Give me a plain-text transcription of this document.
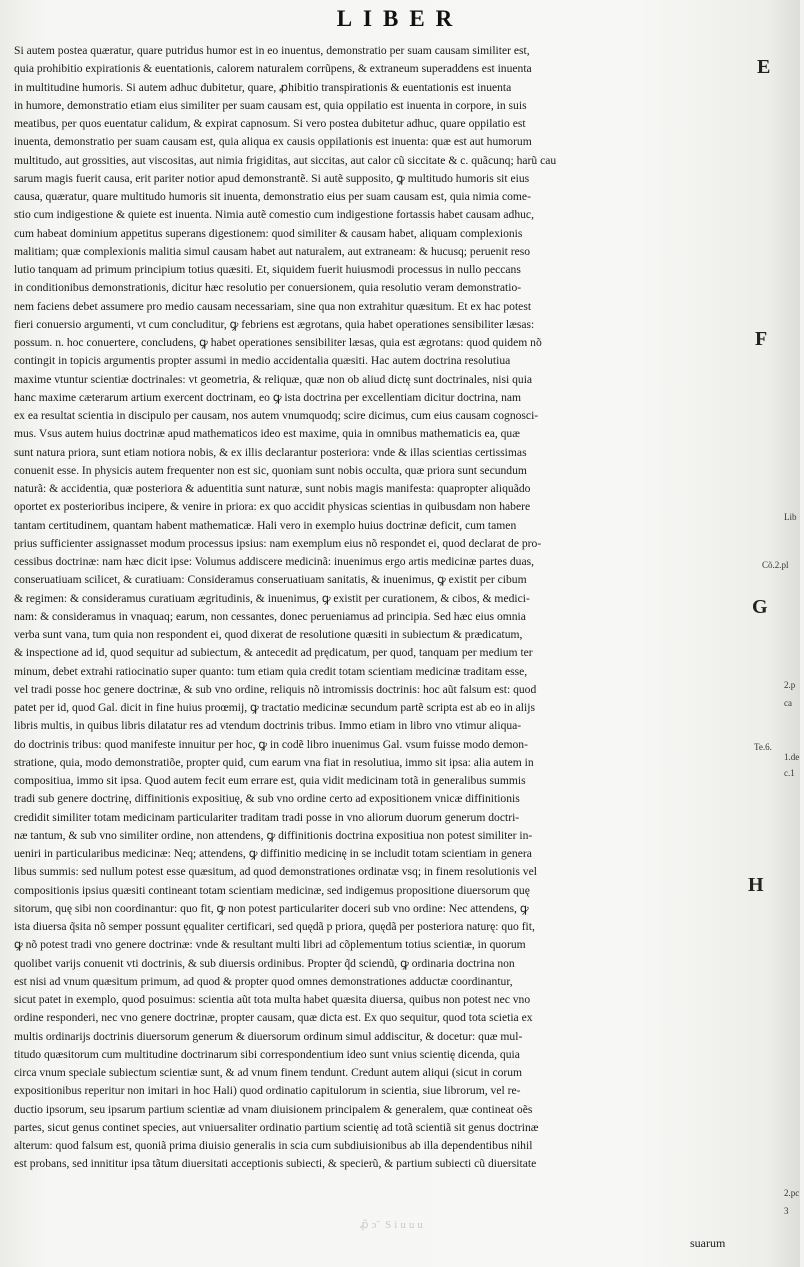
LIBER
ꝓ̃ɔ̃ Siuuu
Si autem postea quæratur, quare putridus humor est in eo inuentus, demonstratio per suam causam similiter est,
quia prohibitio expirationis & euentationis, calorem naturalem corrũpens, & extraneum superaddens est inuenta
in multitudine humoris. Si autem adhuc dubitetur, quare, ꝓhibitio transpirationis & euentationis est inuenta
in humore, demonstratio etiam eius similiter per suam causam est, quia oppilatio est inuenta in corpore, in suis
meatibus, per quos euentatur calidum, & expirat capnosum. Si vero postea dubitetur adhuc, quare oppilatio est
inuenta, demonstratio per suam causam est, quia aliqua ex causis oppilationis est inuenta: quæ est aut humorum
multitudo, aut grossities, aut viscositas, aut nimia frigiditas, aut siccitas, aut calor cũ siccitate & c. quãcunq; harũ cau
sarum magis fuerit causa, erit pariter notior apud demonstrantẽ. Si autẽ supposito, ꝙ multitudo humoris sit eius
causa, quæratur, quare multitudo humoris sit inuenta, demonstratio eius per suam causam est, quia nimia come-
stio cum indigestione & quiete est inuenta. Nimia autẽ comestio cum indigestione fortassis habet causam adhuc,
cum habeat dominium appetitus superans digestionem: quod similiter & causam habet, aliquam complexionis
malitiam; quæ complexionis malitia simul causam habet aut naturalem, aut extraneam: & hucusq; peruenit reso
lutio tanquam ad primum principium totius quæsiti. Et, siquidem fuerit huiusmodi processus in nullo peccans
in conditionibus demonstrationis, dicitur hæc resolutio per conuersionem, quia resolutio veram demonstratio-
nem faciens debet assumere pro medio causam necessariam, sine qua non extrahitur quæsitum. Et ex hac potest
fieri conuersio argumenti, vt cum concluditur, ꝙ febriens est ægrotans, quia habet operationes sensibiliter læsas:
possum. n. hoc conuertere, concludens, ꝙ habet operationes sensibiliter læsas, quia est ægrotans: quod quidem nõ
contingit in topicis argumentis propter assumi in medio accidentalia quæsiti. Hac autem doctrina resolutiua
maxime vtuntur scientiæ doctrinales: vt geometria, & reliquæ, quæ non ob aliud dictę sunt doctrinales, nisi quia
hanc maxime cæterarum artium exercent doctrinam, eo ꝙ ista doctrina per excellentiam dicitur doctrina, nam
ex ea resultat scientia in discipulo per causam, nos autem vnumquodq; scire dicimus, cum eius causam cognosci-
mus. Vsus autem huius doctrinæ apud mathematicos ideo est maxime, quia in omnibus mathematicis ea, quæ
sunt natura priora, sunt etiam notiora nobis, & ex illis declarantur posteriora: vnde & illas scientias certissimas
conuenit esse. In physicis autem frequenter non est sic, quoniam sunt nobis occulta, quæ priora sunt secundum
naturã: & accidentia, quæ posteriora & aduentitia sunt naturæ, sunt nobis magis manifesta: quapropter aliquãdo
oportet ex posterioribus incipere, & venire in priora: ex quo accidit physicas scientias in quibusdam non habere
tantam certitudinem, quantam habent mathematicæ. Hali vero in exemplo huius doctrinæ deficit, cum tamen
prius sufficienter assignasset modum processus ipsius: nam exemplum eius nõ respondet ei, quod declarat de pro-
cessibus doctrinæ: nam hæc dicit ipse: Volumus addiscere medicinã: inuenimus ergo artis medicinæ partes duas,
conseruatiuam scilicet, & curatiuam: Consideramus conseruatiuam sanitatis, & inuenimus, ꝙ existit per cibum
& regimen: & consideramus curatiuam ægritudinis, & inuenimus, ꝙ existit per curationem, & cibos, & medici-
nam: & consideramus in vnaquaq; earum, non cessantes, donec perueniamus ad principia. Sed hæc eius omnia
verba sunt vana, tum quia non respondent ei, quod dixerat de resolutione quæsiti in subiectum & prædicatum,
& inspectione ad id, quod sequitur ad subiectum, & antecedit ad prędicatum, per quod, tanquam per medium ter
minum, debet extrahi ratiocinatio super quanto: tum etiam quia credit totam scientiam medicinæ traditam esse,
vel tradi posse hoc genere doctrinæ, & sub vno ordine, reliquis nõ intromissis doctrinis: hoc aũt falsum est: quod
patet per id, quod Gal. dicit in fine huius proœmij, ꝙ tractatio medicinæ secundum partẽ scripta est ab eo in alijs
libris multis, in quibus libris dilatatur res ad vtendum doctrinis tribus. Immo etiam in libro vno vtimur aliqua-
do doctrinis tribus: quod manifeste innuitur per hoc, ꝙ in codẽ libro inuenimus Gal. vsum fuisse modo demon-
stratione, quia, modo demonstratiõe, propter quid, cum earum vna fiat in resolutiua, immo sit ipsa: alia autem in
compositiua, immo sit ipsa. Quod autem fecit eum errare est, quia vidit medicinam totã in generalibus summis
tradi sub genere doctrinę, diffinitionis expositiuę, & sub vno ordine certo ad expositionem vnicæ diffinitionis
credidit similiter totam medicinam particulariter traditam tradi posse in vno aliorum duorum generum doctri-
næ tantum, & sub vno similiter ordine, non attendens, ꝙ diffinitionis doctrina expositiua non potest similiter in-
ueniri in particularibus medicinæ: Neq; attendens, ꝙ diffinitio medicinę in se includit totam scientiam in genera
libus summis: sed nullum potest esse quæsitum, ad quod demonstrationes ordinatæ vsq; in finem resolutionis vel
compositionis ipsius quæsiti contineant totam scientiam medicinæ, sed indigemus propositione diuersorum quę
sitorum, quę sibi non coordinantur: quo fit, ꝙ non potest particulariter doceri sub vno ordine: Nec attendens, ꝙ
ista diuersa q̃sita nõ semper possunt ęqualiter certificari, sed quędã p priora, quędã per posteriora naturę: quo fit,
ꝙ nõ potest tradi vno genere doctrinæ: vnde & resultant multi libri ad cõplementum totius scientiæ, in quorum
quolibet varijs conuenit vti doctrinis, & sub diuersis ordinibus. Propter q̃d sciendũ, ꝙ ordinaria doctrina non
est nisi ad vnum quæsitum primum, ad quod & propter quod omnes demonstrationes adductæ coordinantur,
sicut patet in exemplo, quod posuimus: scientia aũt tota multa habet quæsita diuersa, quibus non potest nec vno
ordine responderi, nec vno genere doctrinæ, propter causam, quæ dicta est. Ex quo sequitur, quod tota scietia ex
multis ordinarijs doctrinis diuersorum generum & diuersorum ordinum simul addiscitur, & docetur: quæ mul-
titudo quæsitorum cum multitudine doctrinarum sibi correspondentium ideo sunt vnius scientię dicenda, quia
circa vnum speciale subiectum scientiæ sunt, & ad vnum finem tendunt. Credunt autem aliqui (sicut in corum
expositionibus reperitur non imitari in hoc Hali) quod ordinatio capitulorum in scientia, siue librorum, vel re-
ductio ipsorum, seu ipsarum partium scientiæ ad vnam diuisionem principalem & generalem, quæ contineat oẽs
partes, sicut genus continet species, aut vniuersaliter ordinatio partium scientię ad totã scientiã sit genus doctrinæ
alterum: quod falsum est, quoniã prima diuisio generalis in scia cum subdiuisionibus ab illa dependentibus nihil
est probans, sed innititur ipsa tãtum diuersitati acceptionis subiecti, & specierũ, & partium subiecti cũ diuersitate
E
F
G
H
Lib
Cõ.2.pl
2.p
ca
Te.6.
1.de
c.1
2.pc
3
suarum
